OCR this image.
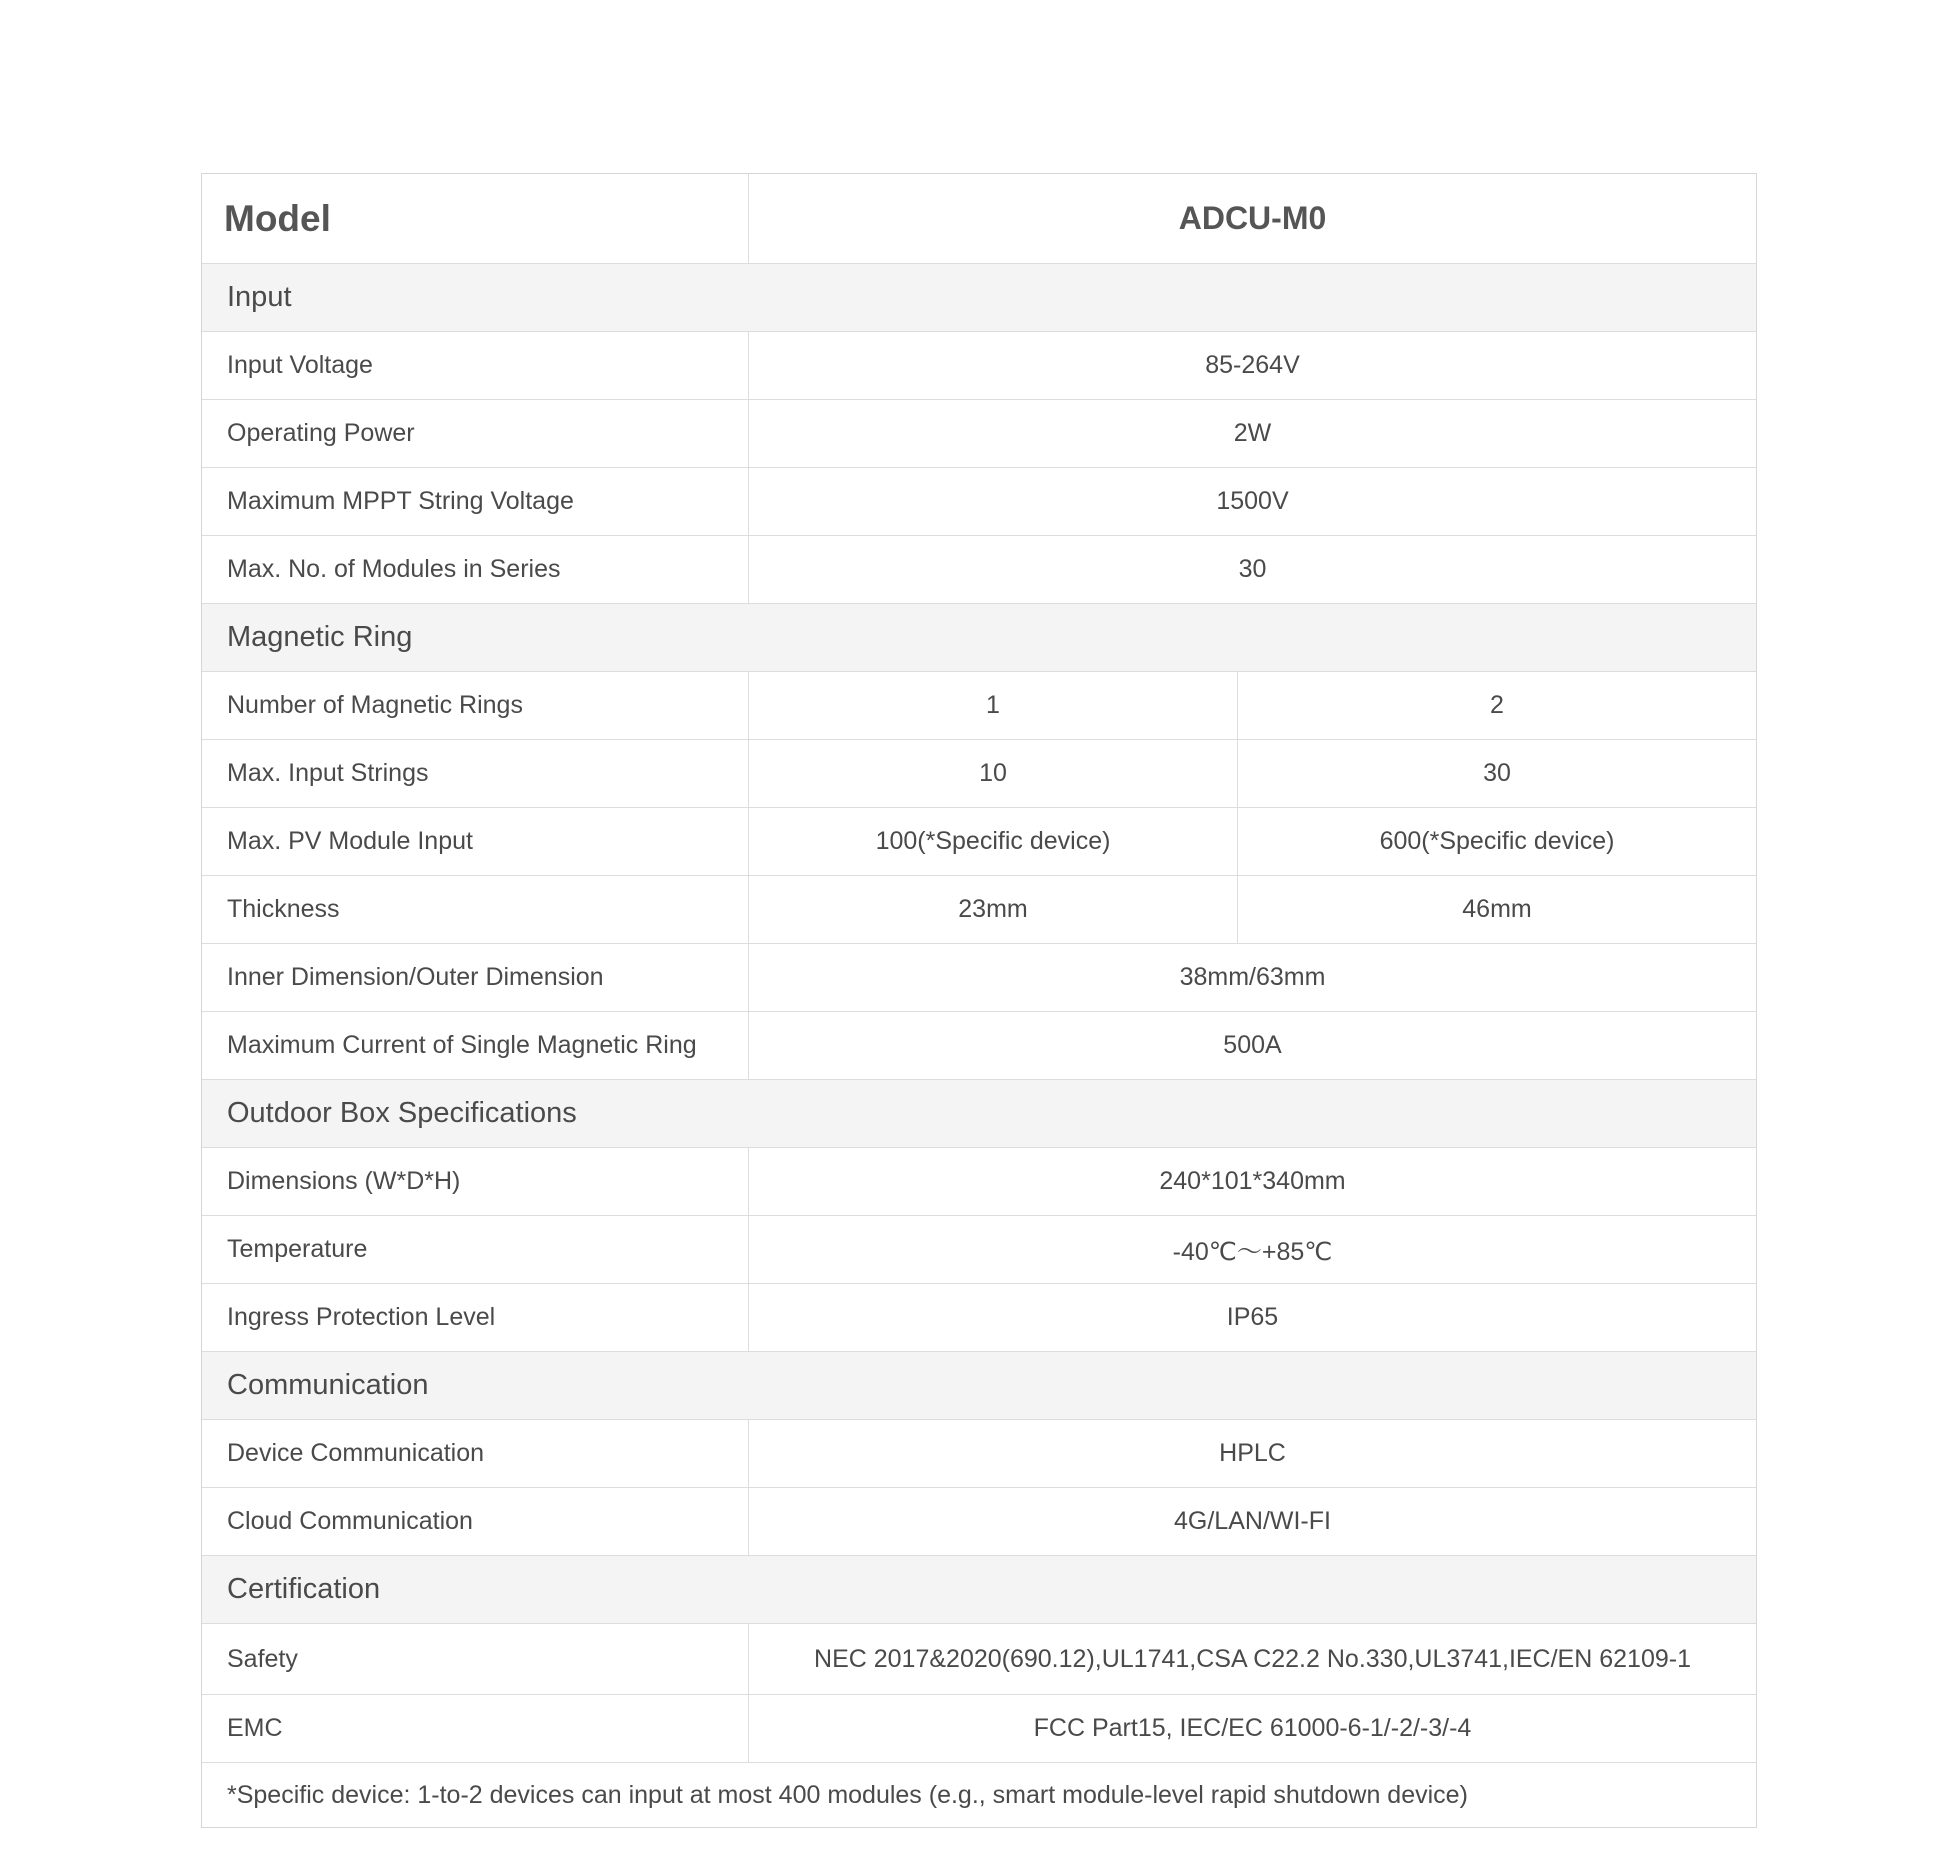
Model	ADCU-M0
Input
Input Voltage	85-264V
Operating Power	2W
Maximum MPPT String Voltage	1500V
Max. No. of Modules in Series	30
Magnetic Ring
Number of Magnetic Rings	1	2
Max. Input Strings	10	30
Max. PV Module Input	100(*Specific device)	600(*Specific device)
Thickness	23mm	46mm
Inner Dimension/Outer Dimension	38mm/63mm
Maximum Current of Single Magnetic Ring	500A
Outdoor Box Specifications
Dimensions (W*D*H)	240*101*340mm
Temperature	-40℃～+85℃
Ingress Protection Level	IP65
Communication
Device Communication	HPLC
Cloud Communication	4G/LAN/WI-FI
Certification
Safety	NEC 2017&2020(690.12),UL1741,CSA C22.2 No.330,UL3741,IEC/EN 62109-1
EMC	FCC Part15, IEC/EC 61000-6-1/-2/-3/-4
*Specific device: 1-to-2 devices can input at most 400 modules (e.g., smart module-level rapid shutdown device)
